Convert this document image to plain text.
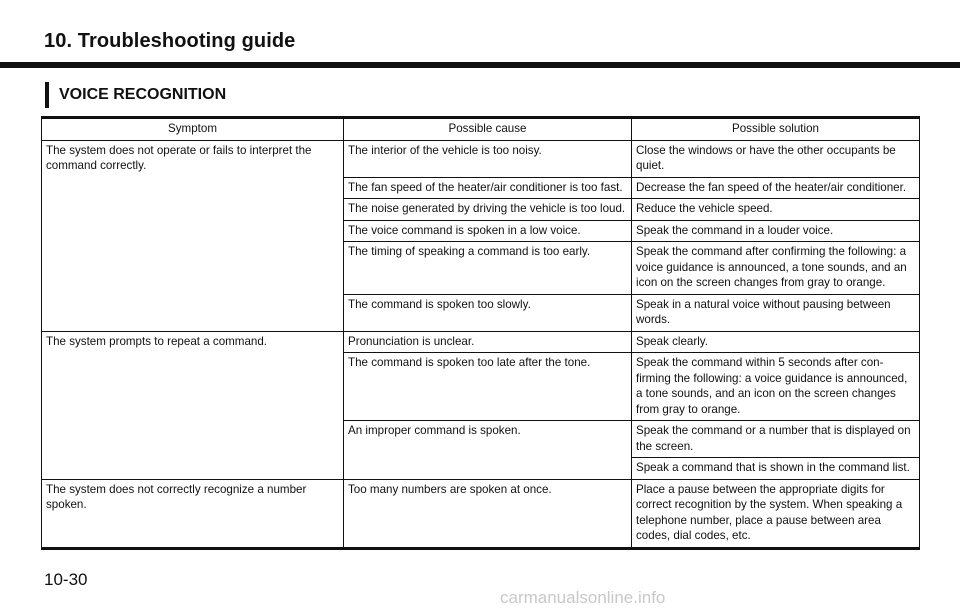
10. Troubleshooting guide
VOICE RECOGNITION
Symptom	Possible cause	Possible solution
The system does not operate or fails to interpret the command correctly.	The interior of the vehicle is too noisy.	Close the windows or have the other occupants be quiet.
	The fan speed of the heater/air conditioner is too fast.	Decrease the fan speed of the heater/air conditioner.
	The noise generated by driving the vehicle is too loud.	Reduce the vehicle speed.
	The voice command is spoken in a low voice.	Speak the command in a louder voice.
	The timing of speaking a command is too early.	Speak the command after confirming the following: a voice guidance is announced, a tone sounds, and an icon on the screen changes from gray to orange.
	The command is spoken too slowly.	Speak in a natural voice without pausing between words.
The system prompts to repeat a command.	Pronunciation is unclear.	Speak clearly.
	The command is spoken too late after the tone.	Speak the command within 5 seconds after con-firming the following: a voice guidance is announced, a tone sounds, and an icon on the screen changes from gray to orange.
	An improper command is spoken.	Speak the command or a number that is displayed on the screen.
		Speak a command that is shown in the command list.
The system does not correctly recognize a number spoken.	Too many numbers are spoken at once.	Place a pause between the appropriate digits for correct recognition by the system. When speaking a telephone number, place a pause between area codes, dial codes, etc.
10-30
carmanualsonline.info
